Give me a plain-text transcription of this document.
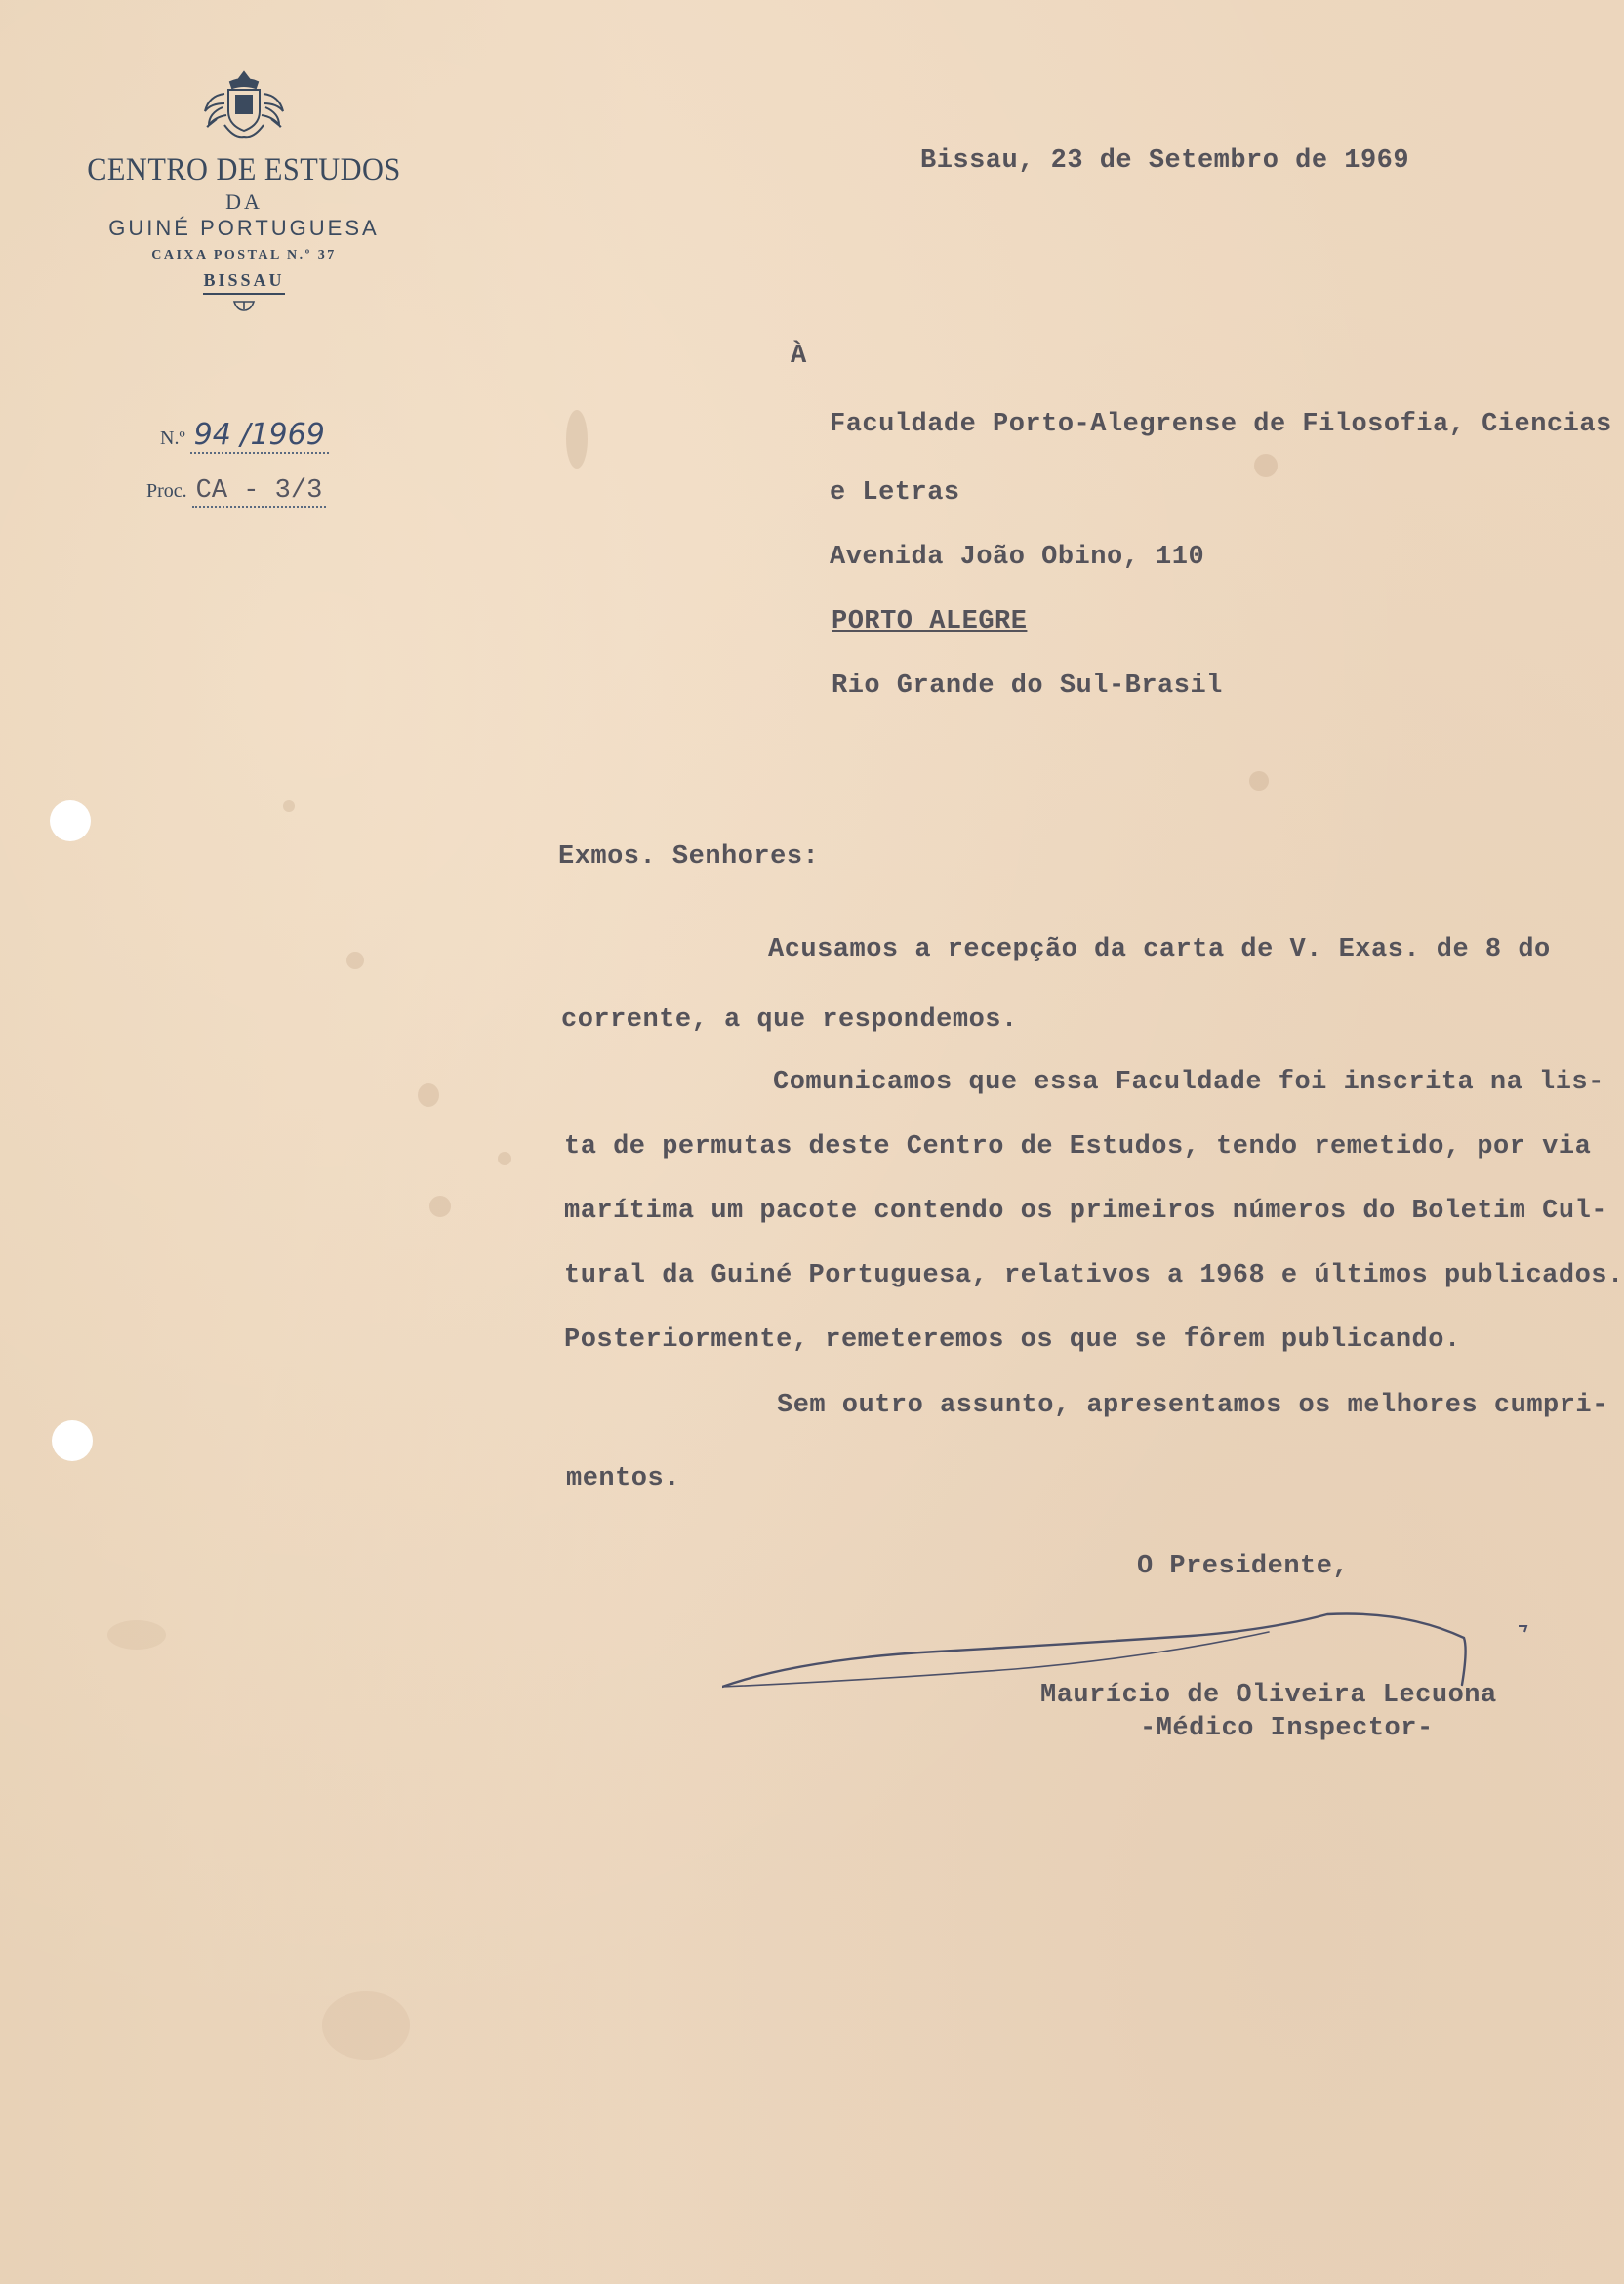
CENTRO DE ESTUDOS
DA
GUINÉ PORTUGUESA
CAIXA POSTAL N.º 37
BISSAU
N.º 94 /1969
Proc. CA - 3/3
Bissau, 23 de Setembro de 1969
À
Faculdade Porto-Alegrense de Filosofia, Ciencias
e Letras
Avenida João Obino, 110
PORTO ALEGRE
Rio Grande do Sul-Brasil
Exmos. Senhores:
Acusamos a recepção da carta de V. Exas. de 8 do
corrente, a que respondemos.
Comunicamos que essa Faculdade foi inscrita na lis-
ta de permutas deste Centro de Estudos, tendo remetido, por via
marítima um pacote contendo os primeiros números do Boletim Cul-
tural da Guiné Portuguesa, relativos a 1968 e últimos publicados.
Posteriormente, remeteremos os que se fôrem publicando.
Sem outro assunto, apresentamos os melhores cumpri-
mentos.
O Presidente,
Maurício de Oliveira Lecuona
-Médico Inspector-
